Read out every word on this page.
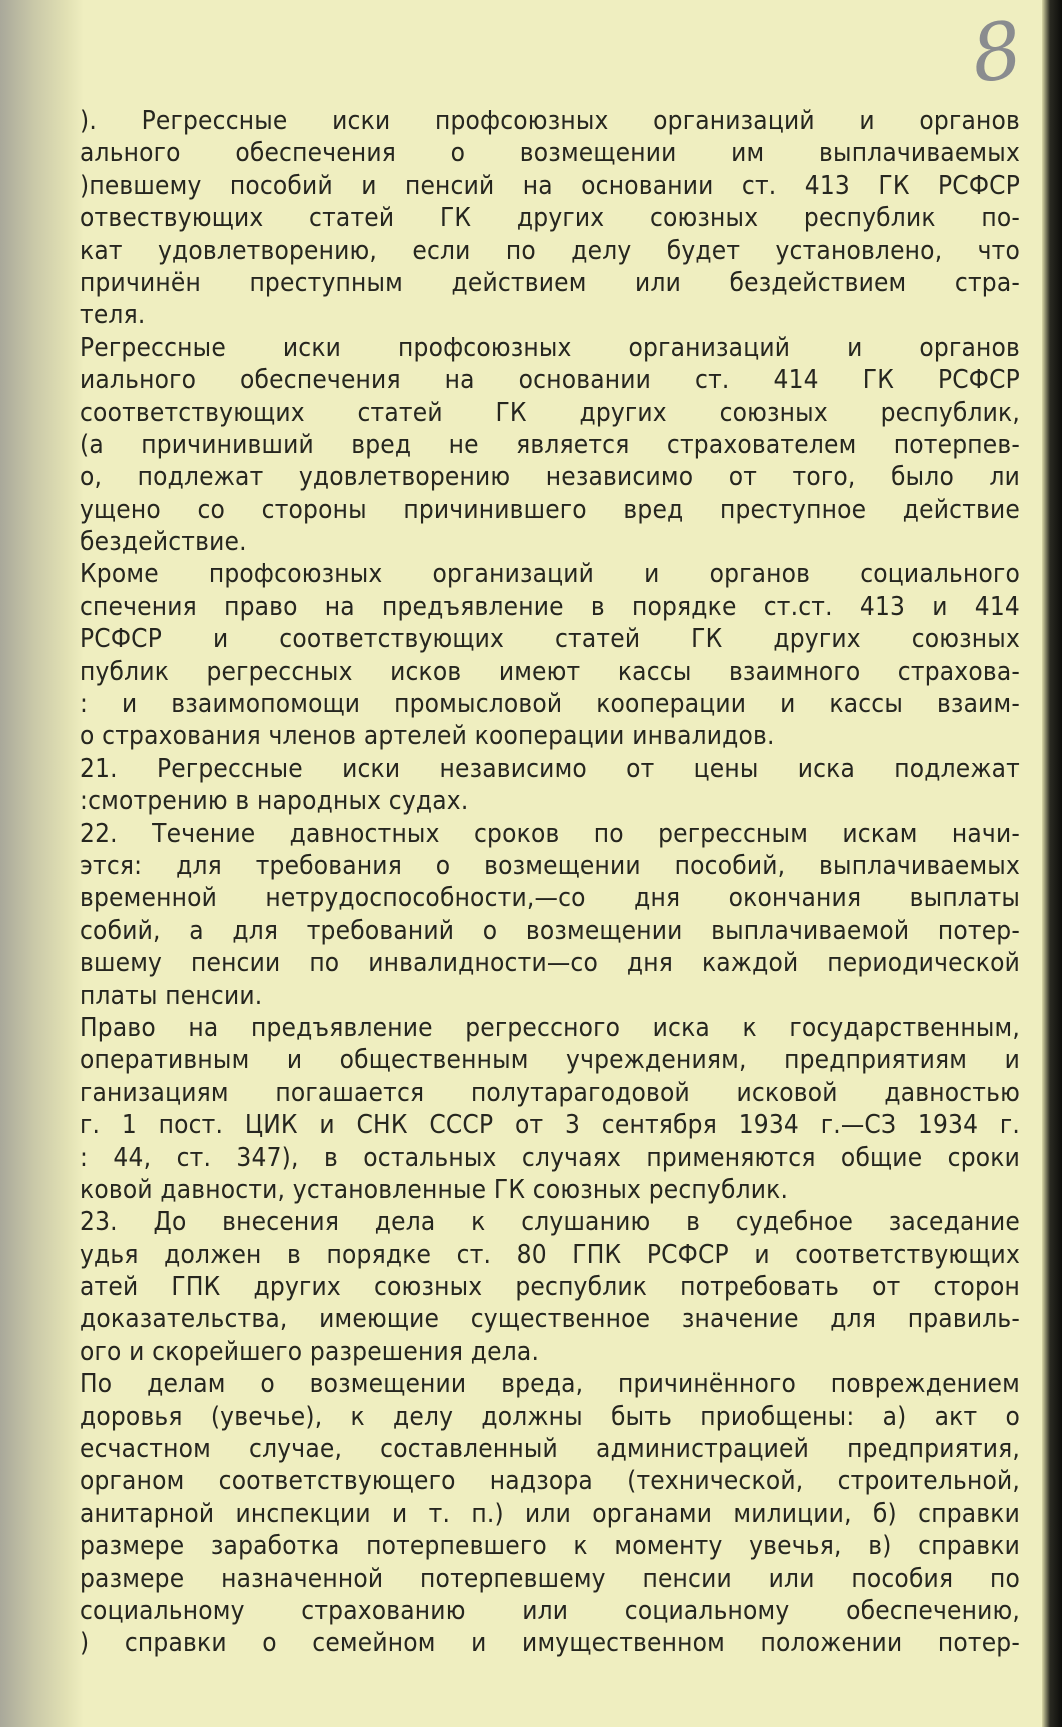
8
). Регрессные иски профсоюзных организаций и органов
ального обеспечения о возмещении им выплачиваемых
)певшему пособий и пенсий на основании ст. 413 ГК РСФСР
отвествующих статей ГК других союзных республик по-
кат удовлетворению, если по делу будет установлено, что
причинён преступным действием или бездействием стра-
теля.
Регрессные иски профсоюзных организаций и органов
иального обеспечения на основании ст. 414 ГК РСФСР
соответствующих статей ГК других союзных республик,
(а причинивший вред не является страхователем потерпев-
о, подлежат удовлетворению независимо от того, было ли
ущено со стороны причинившего вред преступное действие
бездействие.
Кроме профсоюзных организаций и органов социального
спечения право на предъявление в порядке ст.ст. 413 и 414
РСФСР и соответствующих статей ГК других союзных
публик регрессных исков имеют кассы взаимного страхова-
: и взаимопомощи промысловой кооперации и кассы взаим-
о страхования членов артелей кооперации инвалидов.
21. Регрессные иски независимо от цены иска подлежат
:смотрению в народных судах.
22. Течение давностных сроков по регрессным искам начи-
этся: для требования о возмещении пособий, выплачиваемых
временной нетрудоспособности,—со дня окончания выплаты
собий, а для требований о возмещении выплачиваемой потер-
вшему пенсии по инвалидности—со дня каждой периодической
платы пенсии.
Право на предъявление регрессного иска к государственным,
оперативным и общественным учреждениям, предприятиям и
ганизациям погашается полутарагодовой исковой давностью
г. 1 пост. ЦИК и СНК СССР от 3 сентября 1934 г.—СЗ 1934 г.
: 44, ст. 347), в остальных случаях применяются общие сроки
ковой давности, установленные ГК союзных республик.
23. До внесения дела к слушанию в судебное заседание
удья должен в порядке ст. 80 ГПК РСФСР и соответствующих
атей ГПК других союзных республик потребовать от сторон
доказательства, имеющие существенное значение для правиль-
ого и скорейшего разрешения дела.
По делам о возмещении вреда, причинённого повреждением
доровья (увечье), к делу должны быть приобщены: а) акт о
есчастном случае, составленный администрацией предприятия,
органом соответствующего надзора (технической, строительной,
анитарной инспекции и т. п.) или органами милиции, б) справки
размере заработка потерпевшего к моменту увечья, в) справки
размере назначенной потерпевшему пенсии или пособия по
социальному страхованию или социальному обеспечению,
) справки о семейном и имущественном положении потер-
